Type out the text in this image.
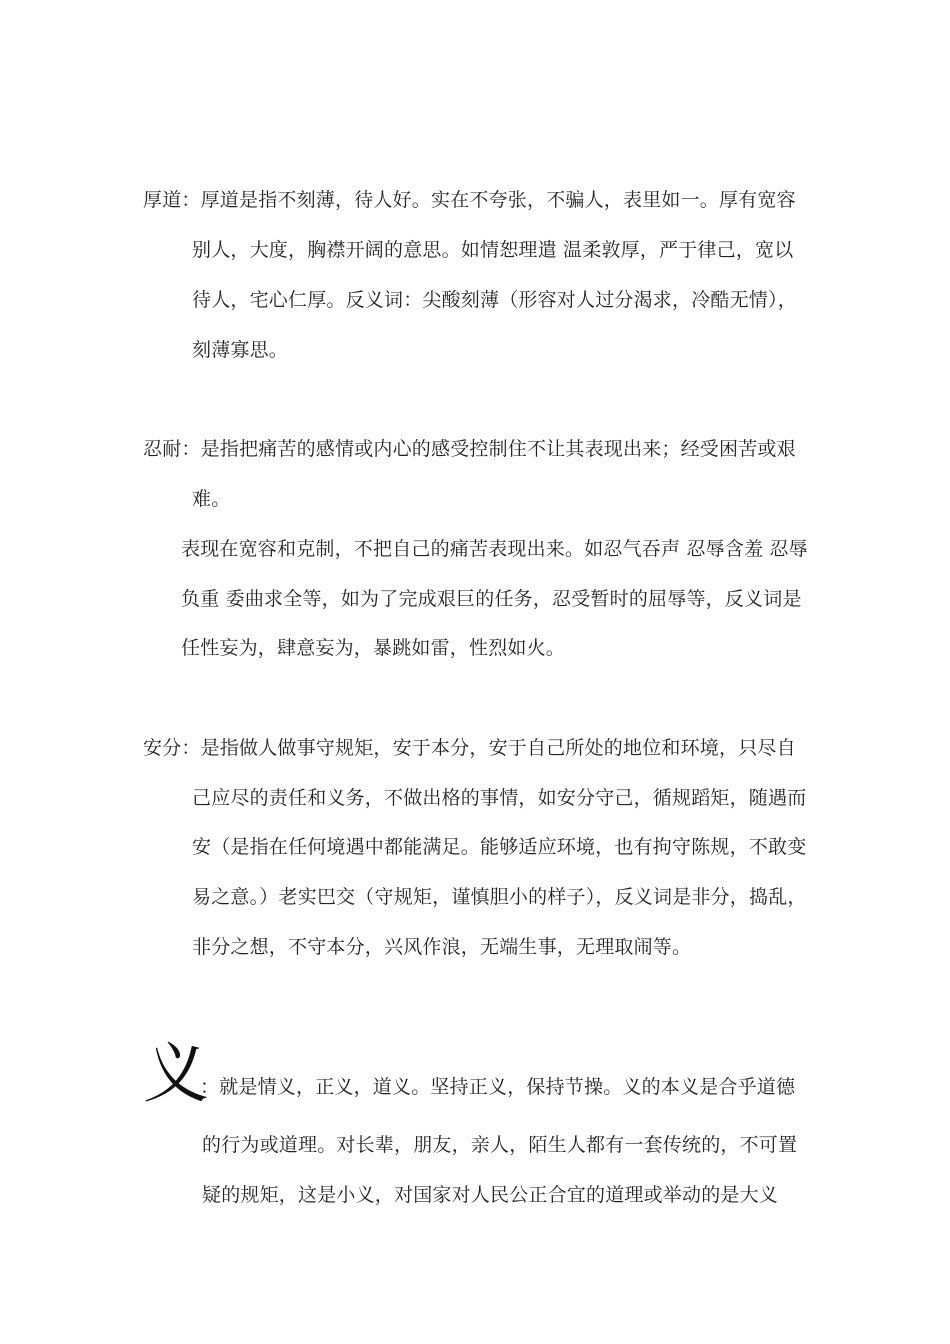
厚道：厚道是指不刻薄，待人好。实在不夸张，不骗人，表里如一。厚有宽容
别人，大度，胸襟开阔的意思。如情恕理遣 温柔敦厚，严于律己，宽以
待人，宅心仁厚。反义词：尖酸刻薄（形容对人过分渴求，冷酷无情），
刻薄寡思。
忍耐：是指把痛苦的感情或内心的感受控制住不让其表现出来；经受困苦或艰
难。
表现在宽容和克制，不把自己的痛苦表现出来。如忍气吞声 忍辱含羞 忍辱
负重 委曲求全等，如为了完成艰巨的任务，忍受暂时的屈辱等，反义词是
任性妄为，肆意妄为，暴跳如雷，性烈如火。
安分：是指做人做事守规矩，安于本分，安于自己所处的地位和环境，只尽自
己应尽的责任和义务，不做出格的事情，如安分守己，循规蹈矩，随遇而
安（是指在任何境遇中都能满足。能够适应环境，也有拘守陈规，不敢变
易之意。）老实巴交（守规矩，谨慎胆小的样子），反义词是非分，捣乱，
非分之想，不守本分，兴风作浪，无端生事，无理取闹等。
义
：就是情义，正义，道义。坚持正义，保持节操。义的本义是合乎道德
的行为或道理。对长辈，朋友，亲人，陌生人都有一套传统的，不可置
疑的规矩，这是小义，对国家对人民公正合宜的道理或举动的是大义
